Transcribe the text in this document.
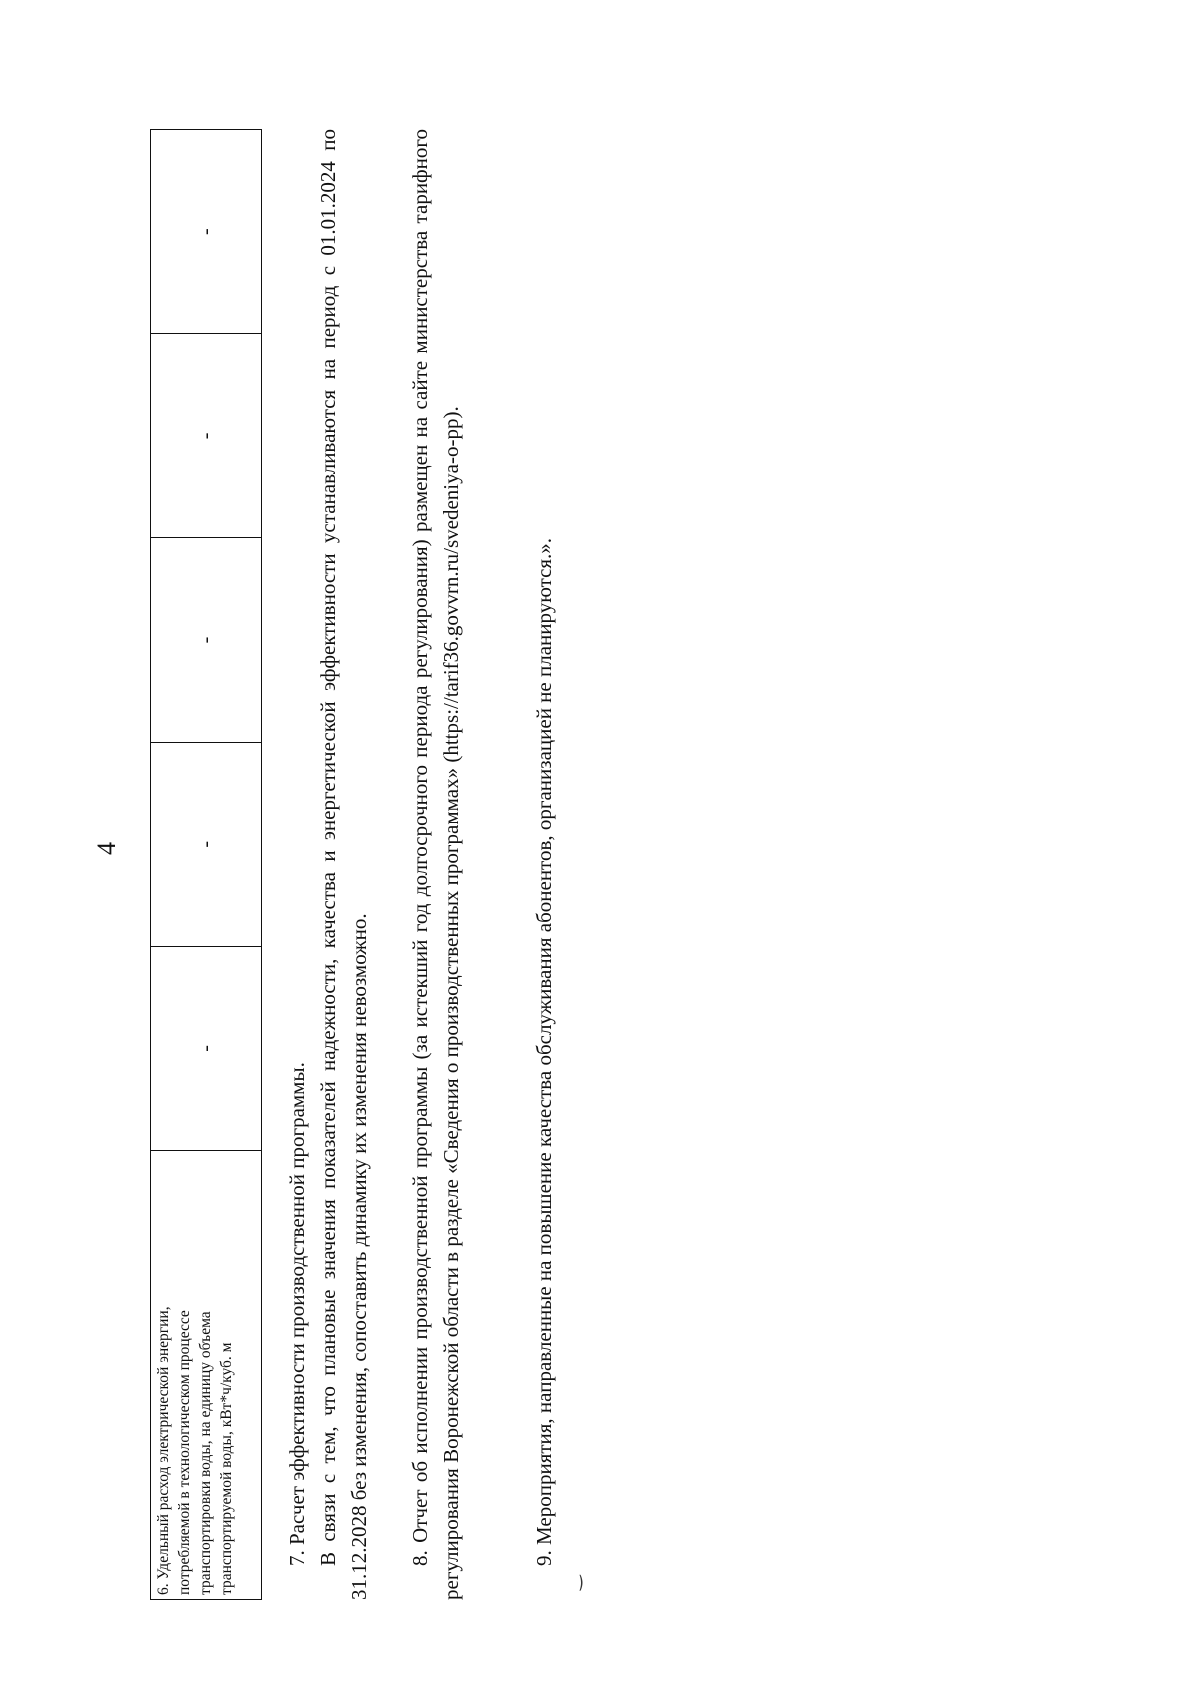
4
6. Удельный расход электрической энергии, потребляемой в технологическом процессе транспортировки воды, на единицу объема транспортируемой воды, кВт*ч/куб. м
	-	-	-	-	-

7. Расчет эффективности производственной программы. В связи с тем, что плановые значения показателей надежности, качества и энергетической эффективности устанавливаются на период с 01.01.2024 по 31.12.2028 без изменения, сопоставить динамику их изменения невозможно. 8. Отчет об исполнении производственной программы (за истекший год долгосрочного периода регулирования) размещен на сайте министерства тарифного регулирования Воронежской области в разделе «Сведения о производственных программах» (https://tarif36.govvrn.ru/svedeniya-o-pp).	9. Мероприятия, направленные на повышение качества обслуживания абонентов, организацией не планируются.».

‿
